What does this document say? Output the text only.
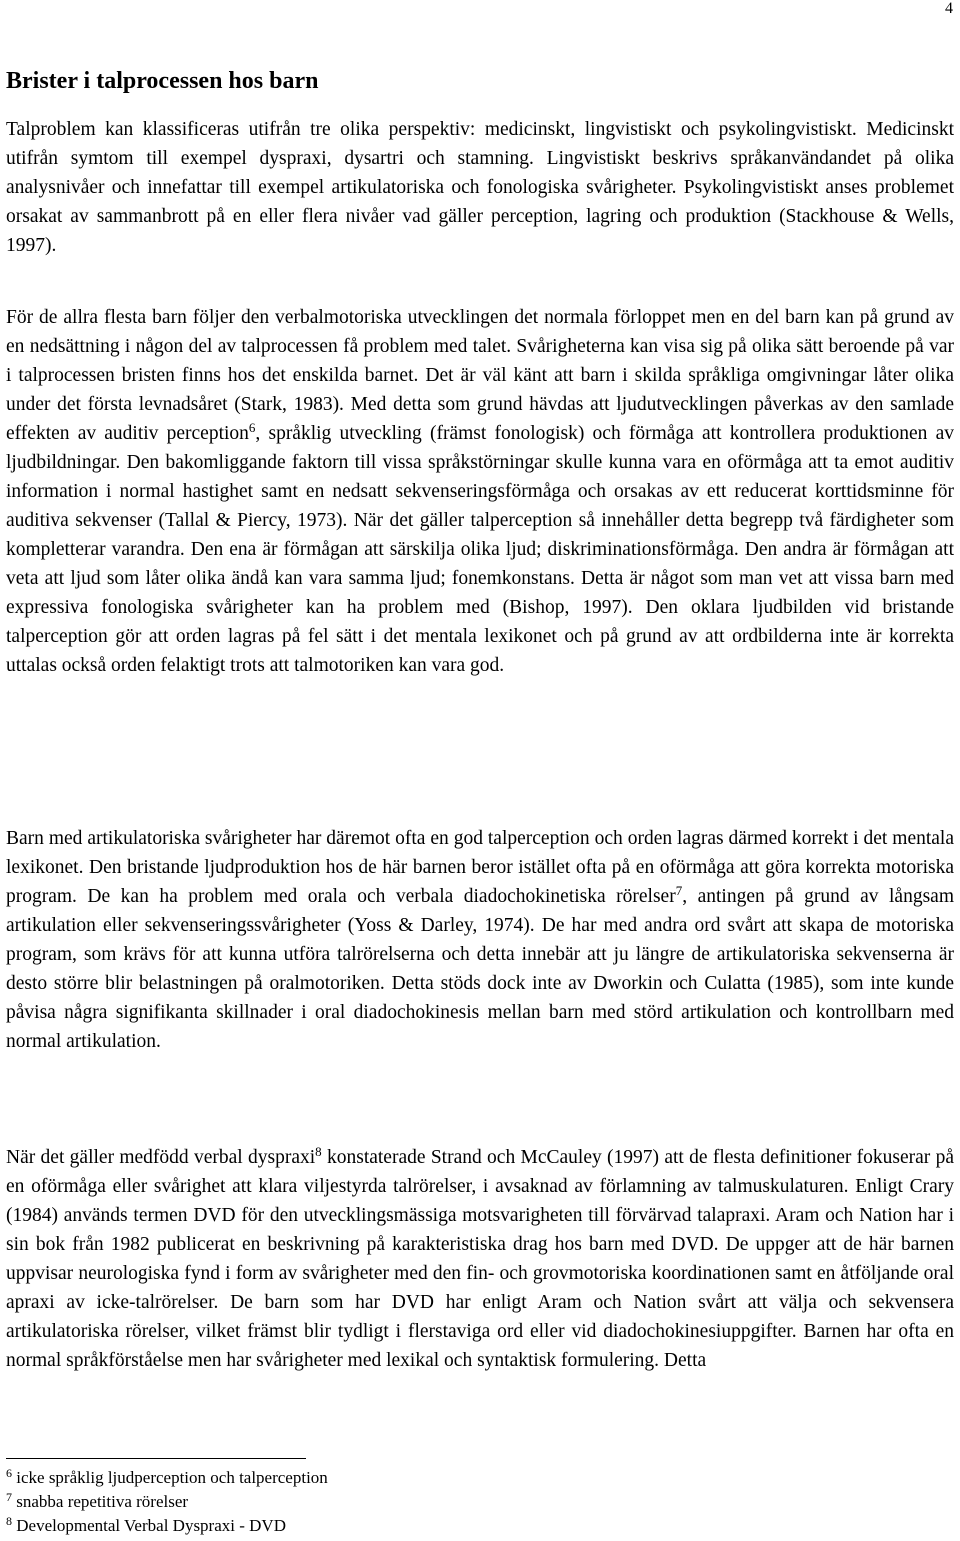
4
Brister i talprocessen hos barn

Talproblem kan klassificeras utifrån tre olika perspektiv: medicinskt, lingvistiskt och psykolingvistiskt. Medicinskt utifrån symtom till exempel dyspraxi, dysartri och stamning. Lingvistiskt beskrivs språkanvändandet på olika analysnivåer och innefattar till exempel artikulatoriska och fonologiska svårigheter. Psykolingvistiskt anses problemet orsakat av sammanbrott på en eller flera nivåer vad gäller perception, lagring och produktion (Stackhouse & Wells, 1997).

För de allra flesta barn följer den verbalmotoriska utvecklingen det normala förloppet men en del barn kan på grund av en nedsättning i någon del av talprocessen få problem med talet. Svårigheterna kan visa sig på olika sätt beroende på var i talprocessen bristen finns hos det enskilda barnet. Det är väl känt att barn i skilda språkliga omgivningar låter olika under det första levnadsåret (Stark, 1983). Med detta som grund hävdas att ljudutvecklingen påverkas av den samlade effekten av auditiv perception$^6$, språklig utveckling (främst fonologisk) och förmåga att kontrollera produktionen av ljudbildningar. Den bakomliggande faktorn till vissa språkstörningar skulle kunna vara en oförmåga att ta emot auditiv information i normal hastighet samt en nedsatt sekvenseringsförmåga och orsakas av ett reducerat korttidsminne för auditiva sekvenser (Tallal & Piercy, 1973). När det gäller talperception så innehåller detta begrepp två färdigheter som kompletterar varandra. Den ena är förmågan att särskilja olika ljud; diskriminationsförmåga. Den andra är förmågan att veta att ljud som låter olika ändå kan vara samma ljud; fonemkonstans. Detta är något som man vet att vissa barn med expressiva fonologiska svårigheter kan ha problem med (Bishop, 1997). Den oklara ljudbilden vid bristande talperception gör att orden lagras på fel sätt i det mentala lexikonet och på grund av att ordbilderna inte är korrekta uttalas också orden felaktigt trots att talmotoriken kan vara god.

Barn med artikulatoriska svårigheter har däremot ofta en god talperception och orden lagras därmed korrekt i det mentala lexikonet. Den bristande ljudproduktion hos de här barnen beror istället ofta på en oförmåga att göra korrekta motoriska program. De kan ha problem med orala och verbala diadochokinetiska rörelser$^7$, antingen på grund av långsam artikulation eller sekvenseringssvårigheter (Yoss & Darley, 1974). De har med andra ord svårt att skapa de motoriska program, som krävs för att kunna utföra talrörelserna och detta innebär att ju längre de artikulatoriska sekvenserna är desto större blir belastningen på oralmotoriken. Detta stöds dock inte av Dworkin och Culatta (1985), som inte kunde påvisa några signifikanta skillnader i oral diadochokinesis mellan barn med störd artikulation och kontrollbarn med normal artikulation.

När det gäller medfödd verbal dyspraxi$^8$ konstaterade Strand och McCauley (1997) att de flesta definitioner fokuserar på en oförmåga eller svårighet att klara viljestyrda talrörelser, i avsaknad av förlamning av talmuskulaturen. Enligt Crary (1984) används termen DVD för den utvecklingsmässiga motsvarigheten till förvärvad talapraxi. Aram och Nation har i sin bok från 1982 publicerat en beskrivning på karakteristiska drag hos barn med DVD. De uppger att de här barnen uppvisar neurologiska fynd i form av svårigheter med den fin- och grovmotoriska koordinationen samt en åtföljande oral apraxi av icke-talrörelser. De barn som har DVD har enligt Aram och Nation svårt att välja och sekvensera artikulatoriska rörelser, vilket främst blir tydligt i flerstaviga ord eller vid diadochokinesiuppgifter. Barnen har ofta en normal språkförståelse men har svårigheter med lexikal och syntaktisk formulering. Detta

$^6$ icke språklig ljudperception och talperception

$^7$ snabba repetitiva rörelser

$^8$ Developmental Verbal Dyspraxi - DVD
